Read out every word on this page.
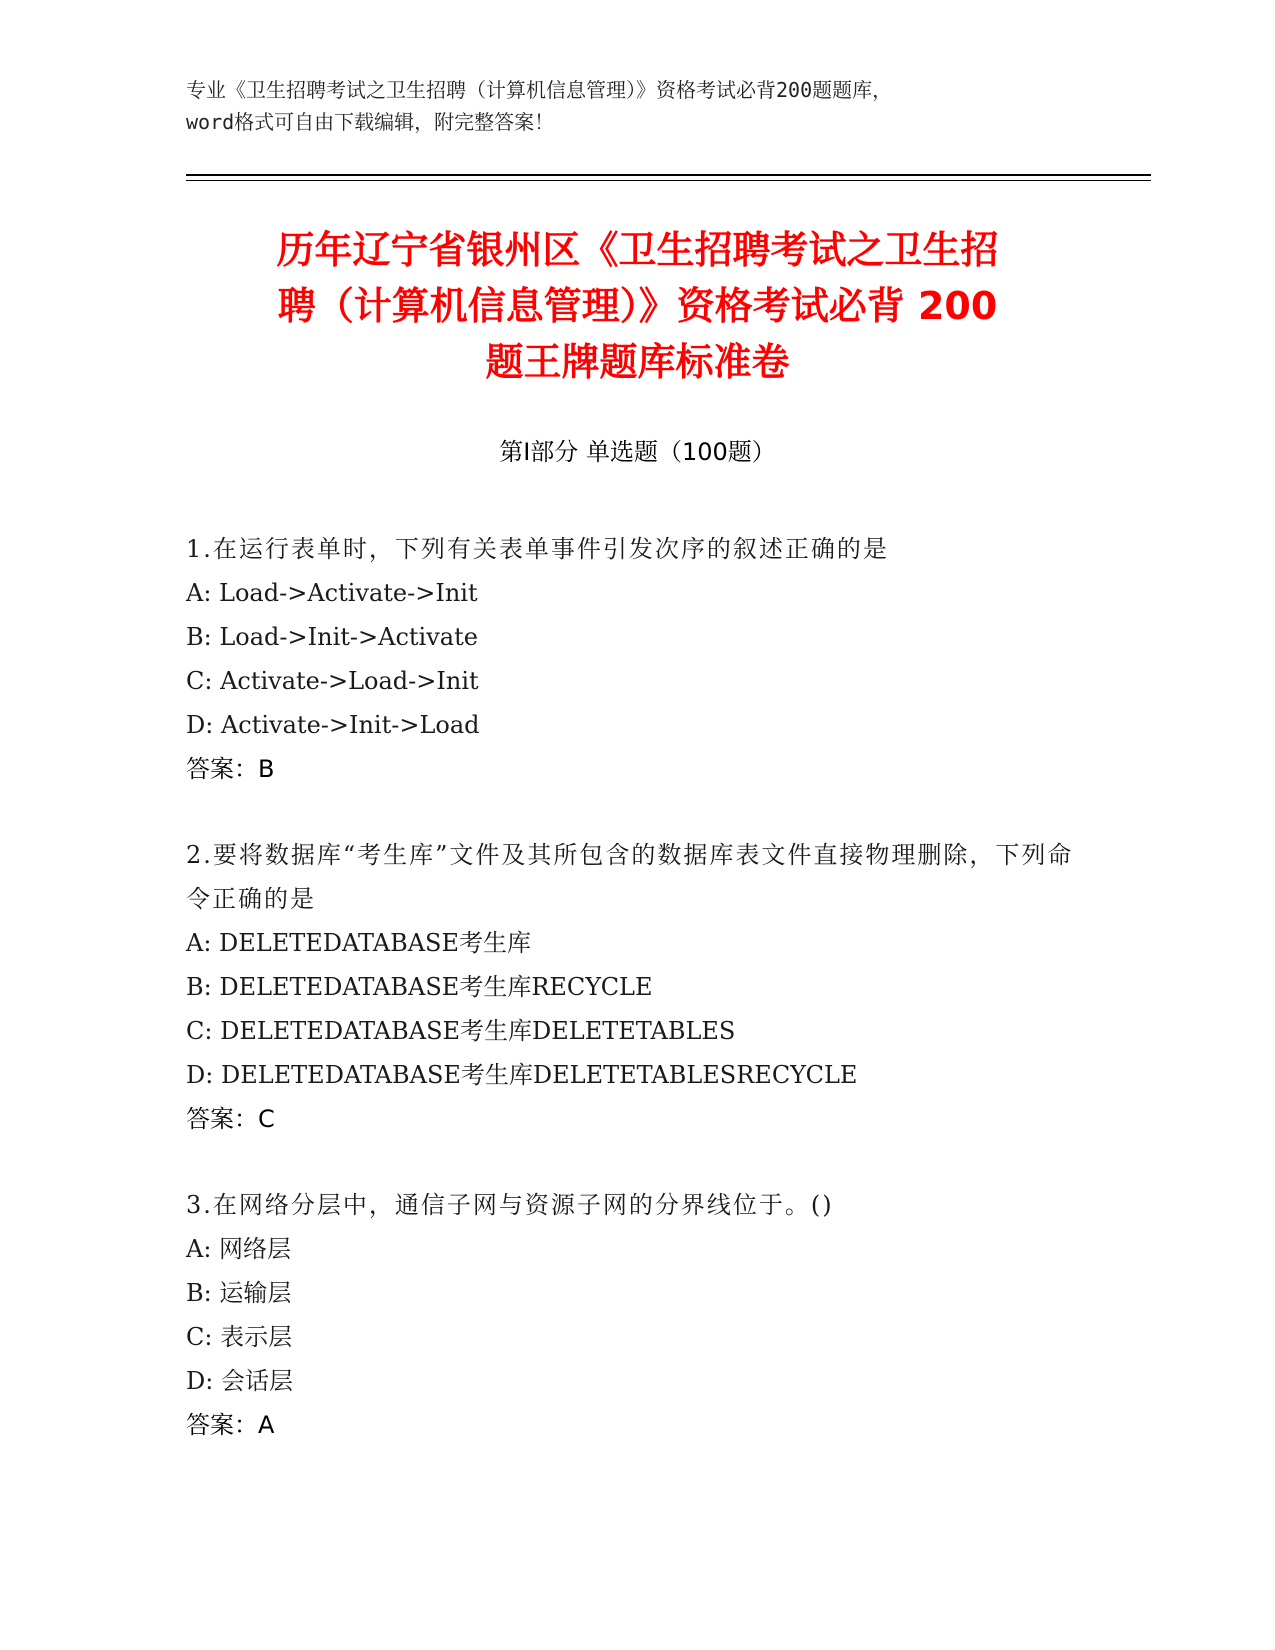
专业《卫生招聘考试之卫生招聘（计算机信息管理）》资格考试必背200题题库，
word格式可自由下载编辑，附完整答案！
历年辽宁省银州区《卫生招聘考试之卫生招
聘（计算机信息管理）》资格考试必背 200
题王牌题库标准卷
第Ⅰ部分 单选题（100题）
1.在运行表单时，下列有关表单事件引发次序的叙述正确的是
A: Load->Activate->Init
B: Load->Init->Activate
C: Activate->Load->Init
D: Activate->Init->Load
答案：B
2.要将数据库“考生库”文件及其所包含的数据库表文件直接物理删除，下列命令正确的是
A: DELETEDATABASE考生库
B: DELETEDATABASE考生库RECYCLE
C: DELETEDATABASE考生库DELETETABLES
D: DELETEDATABASE考生库DELETETABLESRECYCLE
答案：C
3.在网络分层中，通信子网与资源子网的分界线位于。()
A: 网络层
B: 运输层
C: 表示层
D: 会话层
答案：A
